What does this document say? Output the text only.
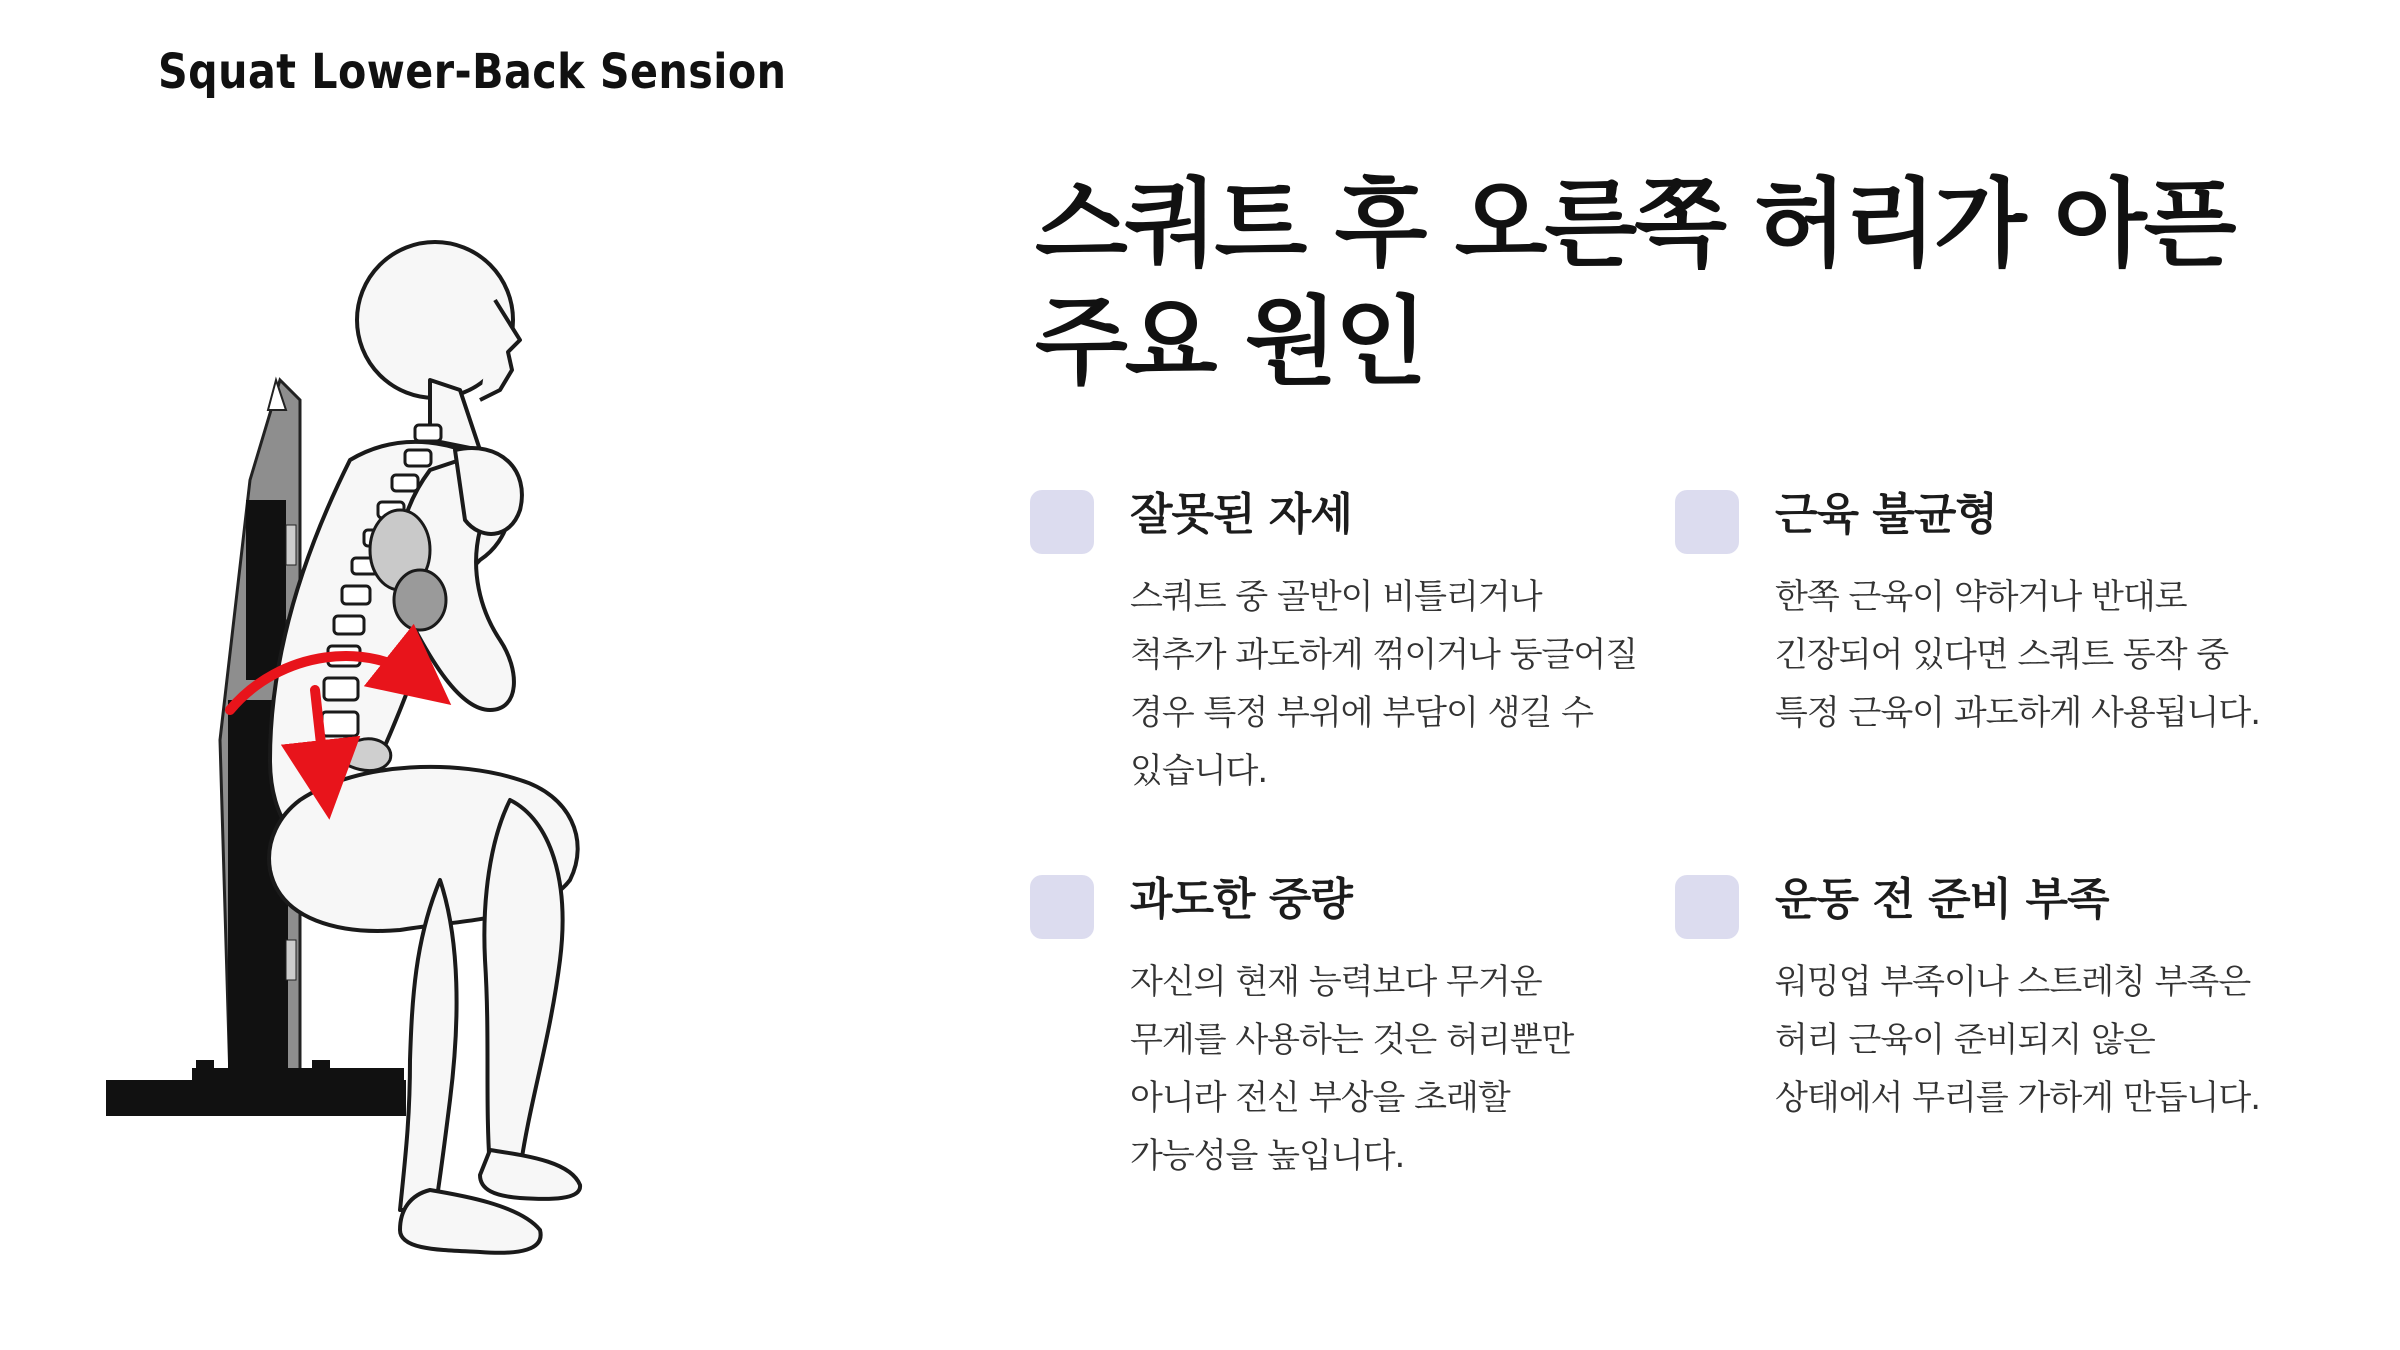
Squat Lower-Back Sension
스쿼트 후 오른쪽 허리가 아픈 주요 원인
잘못된 자세

스쿼트 중 골반이 비틀리거나 척추가 과도하게 꺾이거나 둥글어질 경우 특정 부위에 부담이 생길 수 있습니다.

근육 불균형

한쪽 근육이 약하거나 반대로 긴장되어 있다면 스쿼트 동작 중 특정 근육이 과도하게 사용됩니다.

과도한 중량

자신의 현재 능력보다 무거운 무게를 사용하는 것은 허리뿐만 아니라 전신 부상을 초래할 가능성을 높입니다.

운동 전 준비 부족

워밍업 부족이나 스트레칭 부족은 허리 근육이 준비되지 않은 상태에서 무리를 가하게 만듭니다.
